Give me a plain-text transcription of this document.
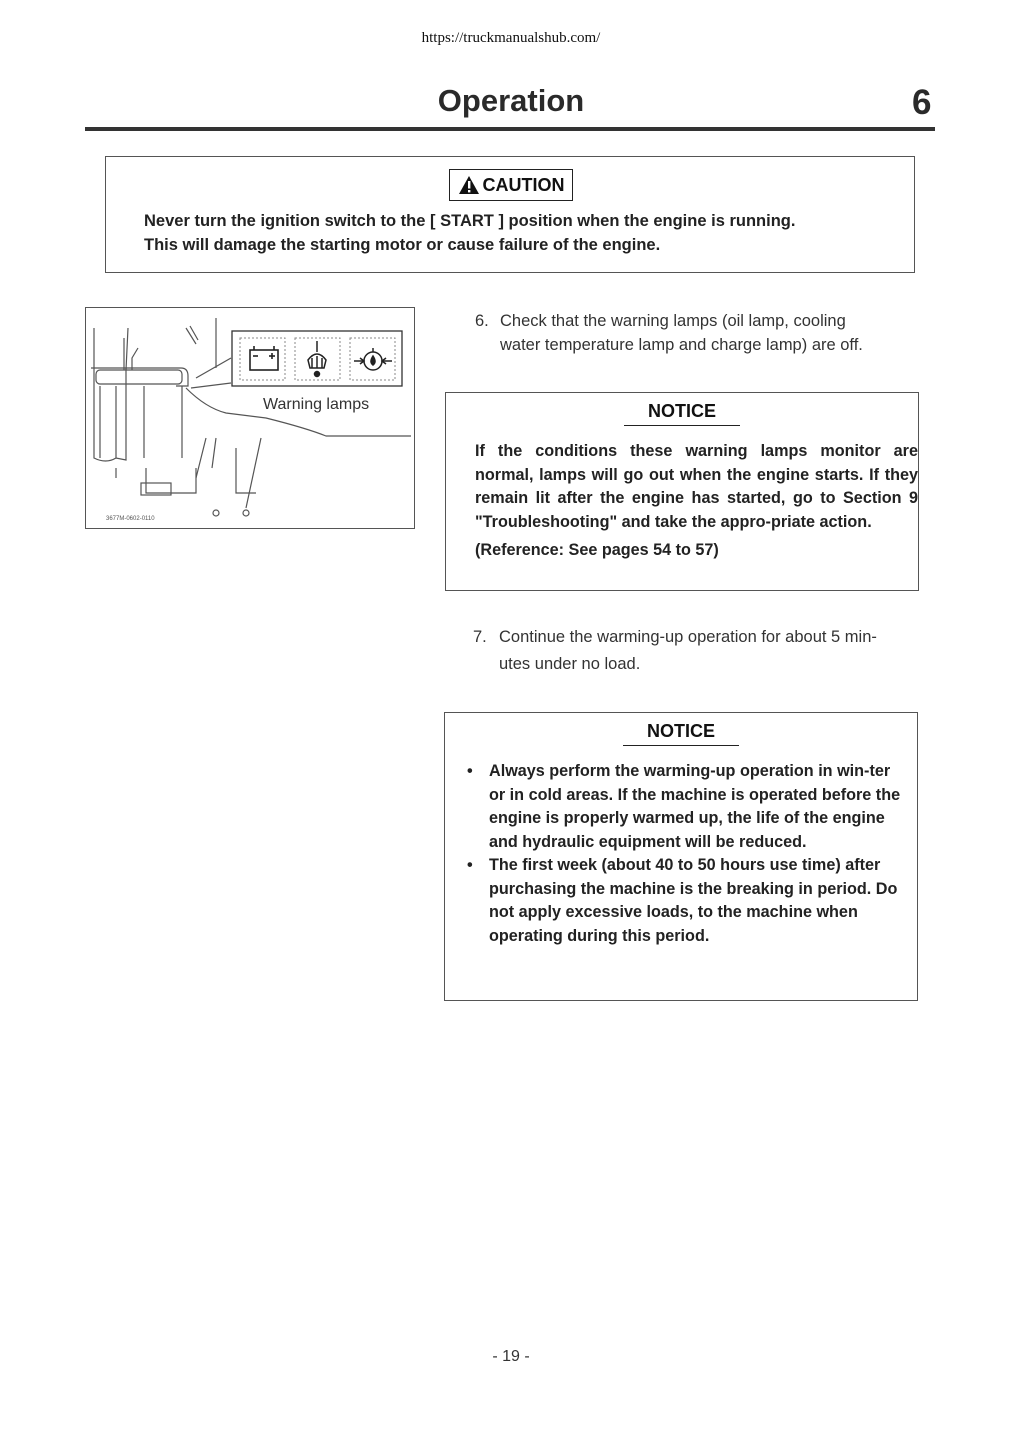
https://truckmanualshub.com/
Operation	6
CAUTION
Never turn the ignition switch to the [ START ] position when the engine is running.
This will damage the starting motor or cause failure of the engine.
3677M-0602-0110
Warning lamps
6. Check that the warning lamps (oil lamp, cooling
water temperature lamp and charge lamp) are off.
NOTICE
If the conditions these warning lamps monitor are normal, lamps will go out when the engine starts. If they remain lit after the engine has started, go to Section 9 "Troubleshooting" and take the appro-priate action.
(Reference: See pages 54 to 57)
7. Continue the warming-up operation for about 5 min-
utes under no load.
NOTICE
• Always perform the warming-up operation in win-ter or in cold areas. If the machine is operated before the engine is properly warmed up, the life of the engine and hydraulic equipment will be reduced.
• The first week (about 40 to 50 hours use time) after purchasing the machine is the breaking in period. Do not apply excessive loads, to the machine when operating during this period.
- 19 -
